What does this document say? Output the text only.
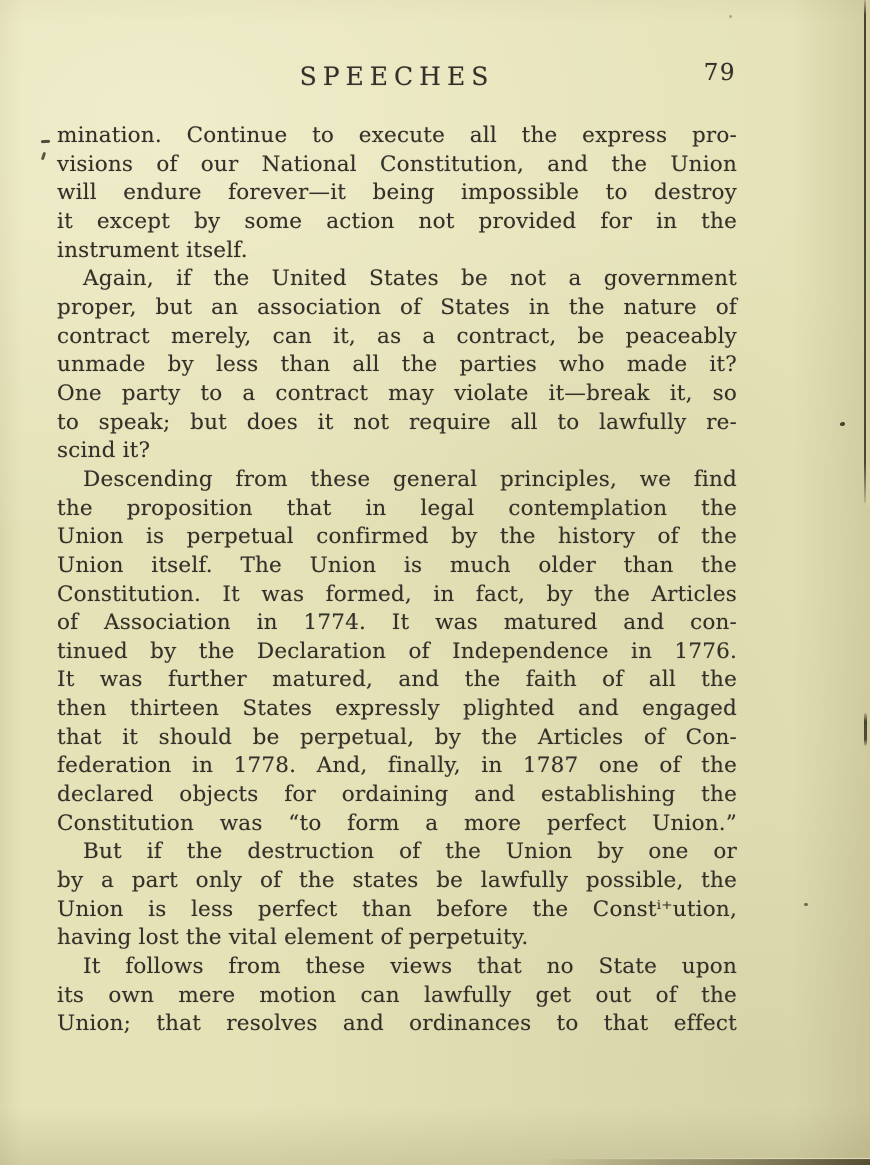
SPEECHES	79
mination. Continue to execute all the express pro-
visions of our National Constitution, and the Union
will endure forever—it being impossible to destroy
it except by some action not provided for in the
instrument itself.
Again, if the United States be not a government
proper, but an association of States in the nature of
contract merely, can it, as a contract, be peaceably
unmade by less than all the parties who made it?
One party to a contract may violate it—break it, so
to speak; but does it not require all to lawfully re-
scind it?
Descending from these general principles, we find
the proposition that in legal contemplation the
Union is perpetual confirmed by the history of the
Union itself. The Union is much older than the
Constitution. It was formed, in fact, by the Articles
of Association in 1774. It was matured and con-
tinued by the Declaration of Independence in 1776.
It was further matured, and the faith of all the
then thirteen States expressly plighted and engaged
that it should be perpetual, by the Articles of Con-
federation in 1778. And, finally, in 1787 one of the
declared objects for ordaining and establishing the
Constitution was “to form a more perfect Union.”
But if the destruction of the Union by one or
by a part only of the states be lawfully possible, the
Union is less perfect than before the Constⁱ⁺ution,
having lost the vital element of perpetuity.
It follows from these views that no State upon
its own mere motion can lawfully get out of the
Union; that resolves and ordinances to that effect
